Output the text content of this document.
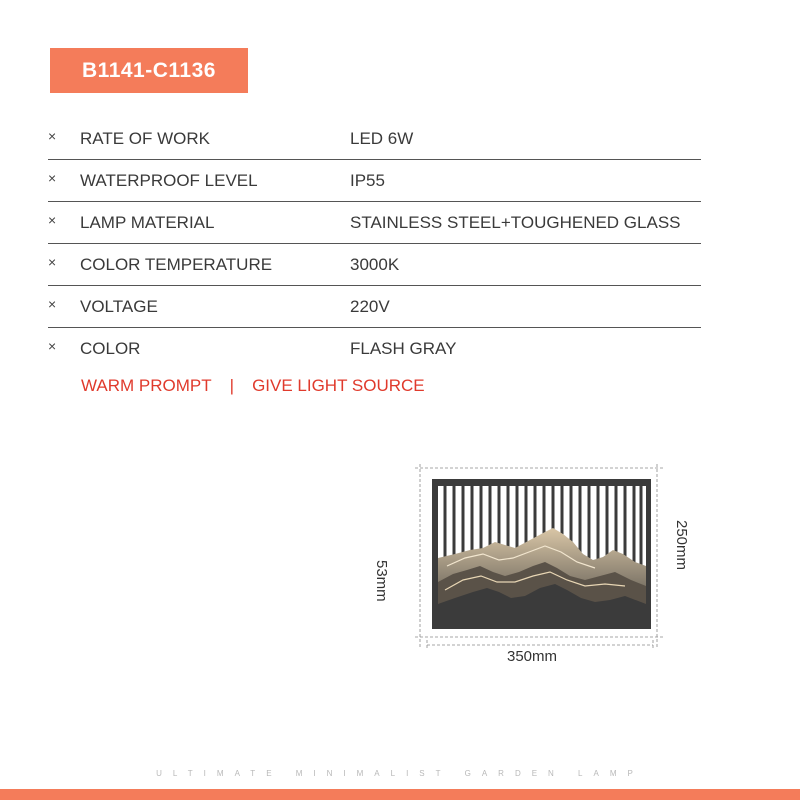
B1141-C1136
× RATE OF WORK	LED 6W
× WATERPROOF LEVEL	IP55
× LAMP MATERIAL	STAINLESS STEEL+TOUGHENED GLASS
× COLOR TEMPERATURE	3000K
× VOLTAGE	220V
× COLOR	FLASH GRAY
WARM PROMPT | GIVE LIGHT SOURCE
53mm
250mm
350mm
ULTIMATE MINIMALIST GARDEN LAMP
